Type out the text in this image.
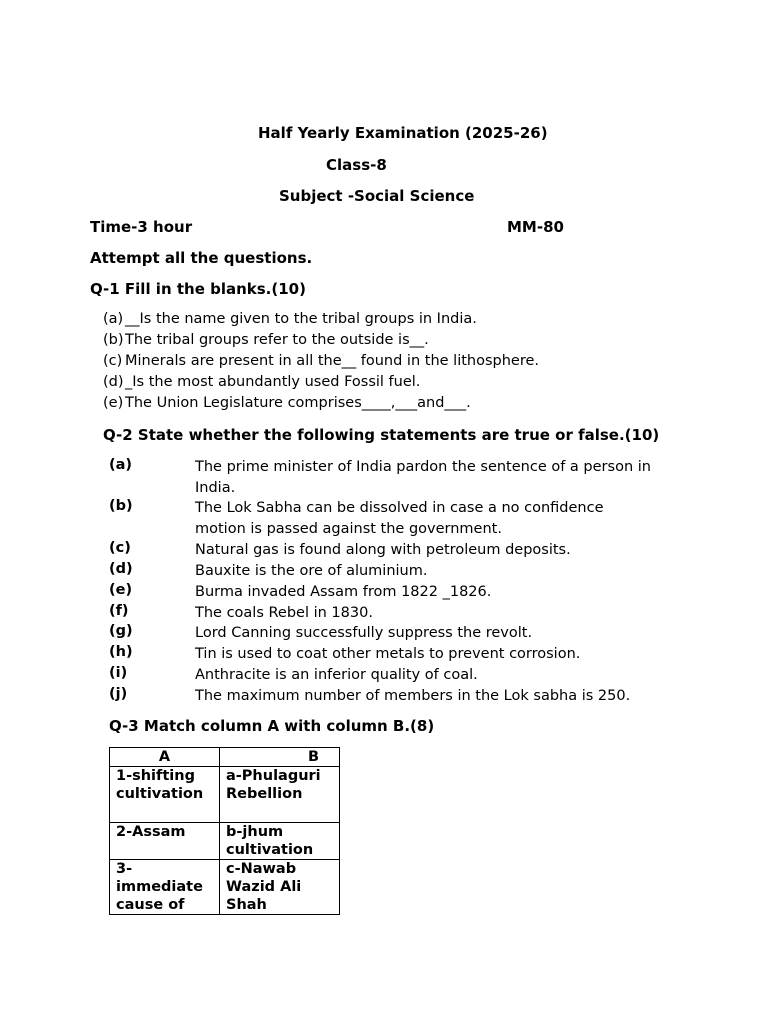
Half Yearly Examination (2025-26)
Class-8
Subject -Social Science
Time-3 hour	MM-80
Attempt all the questions.
Q-1 Fill in the blanks.(10)
(a) __Is the name given to the tribal groups in India.
(b)The tribal groups refer to the outside is__.
(c) Minerals are present in all the__ found in the lithosphere.
(d)_Is the most abundantly used Fossil fuel.
(e) The Union Legislature comprises____,___and___.
Q-2 State whether the following statements are true or false.(10)
(a)	The prime minister of India pardon the sentence of a person in India.
(b)	The Lok Sabha can be dissolved in case a no confidence motion is passed against the government.
(c)	Natural gas is found along with petroleum deposits.
(d)	Bauxite is the ore of aluminium.
(e)	Burma invaded Assam from 1822 _1826.
(f)	The coals Rebel in 1830.
(g)	Lord Canning successfully suppress the revolt.
(h)	Tin is used to coat other metals to prevent corrosion.
(i)	Anthracite is an inferior quality of coal.
(j)	The maximum number of members in the Lok sabha is 250.
Q-3 Match column A with column B.(8)
A	B
1-shifting cultivation	a-Phulaguri Rebellion
2-Assam	b-jhum cultivation
3-immediate cause of	c-Nawab Wazid Ali Shah
